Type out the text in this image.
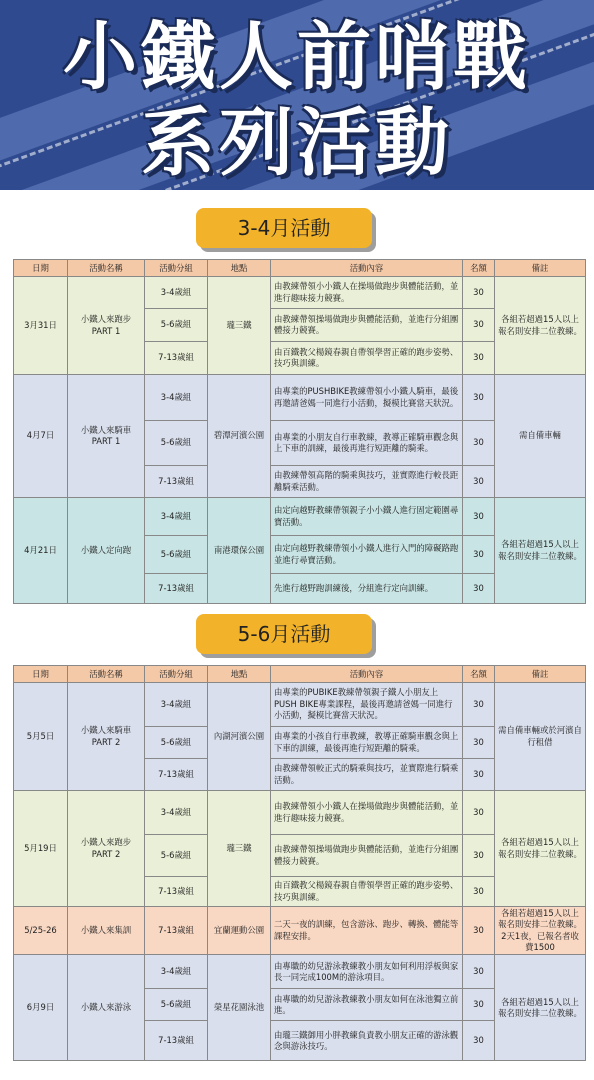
小鐵人前哨戰
系列活動
3-4月活動
日期	活動名稱	活動分組	地點	活動內容	名額	備註
3月31日	小鐵人來跑步 PART 1	3-4歲組	瓏三鐵	由教練帶領小小鐵人在操場做跑步與體能活動，並進行趣味接力競賽。	30	各組若超過15人以上報名則安排二位教練。
		5-6歲組		由教練帶領操場做跑步與體能活動，並進行分組團體接力競賽。	30	
		7-13歲組		由百鐵教父楊鏡春親自帶領學習正確的跑步姿勢、技巧與訓練。	30	
4月7日	小鐵人來騎車 PART 1	3-4歲組	碧潭河濱公園	由專業的PUSHBIKE教練帶領小小鐵人騎車，最後再邀請爸媽一同進行小活動，擬模比賽當天狀況。	30	需自備車輛
		5-6歲組		由專業的小朋友自行車教練，教導正確騎車觀念與上下車的訓練，最後再進行短距離的騎乘。	30	
		7-13歲組		由教練帶領高階的騎乘與技巧，並實際進行較長距離騎乘活動。	30	
4月21日	小鐵人定向跑	3-4歲組	南港環保公園	由定向越野教練帶領親子小小鐵人進行固定範圍尋寶活動。	30	各組若超過15人以上報名則安排二位教練。
		5-6歲組		由定向越野教練帶領小小鐵人進行入門的障礙路跑並進行尋寶活動。	30	
		7-13歲組		先進行越野跑訓練後，分組進行定向訓練。	30	
5-6月活動
日期	活動名稱	活動分組	地點	活動內容	名額	備註
5月5日	小鐵人來騎車 PART 2	3-4歲組	內湖河濱公園	由專業的PUBIKE教練帶領親子鐵人小朋友上PUSH BIKE專業課程，最後再邀請爸媽一同進行小活動，擬模比賽當天狀況。	30	需自備車輛或於河濱自行租借
		5-6歲組		由專業的小孩自行車教練，教導正確騎車觀念與上下車的訓練，最後再進行短距離的騎乘。	30	
		7-13歲組		由教練帶領較正式的騎乘與技巧，並實際進行騎乘活動。	30	
5月19日	小鐵人來跑步 PART 2	3-4歲組	瓏三鐵	由教練帶領小小鐵人在操場做跑步與體能活動，並進行趣味接力競賽。	30	各組若超過15人以上報名則安排二位教練。
		5-6歲組		由教練帶領操場做跑步與體能活動，並進行分組團體接力競賽。	30	
		7-13歲組		由百鐵教父楊鏡春親自帶領學習正確的跑步姿勢、技巧與訓練。	30	
5/25-26	小鐵人來集訓	7-13歲組	宜蘭運動公園	二天一夜的訓練，包含游泳、跑步、轉換、體能等課程安排。	30	各組若超過15人以上報名則安排二位教練。 2天1夜，已報名者收費1500
6月9日	小鐵人來游泳	3-4歲組	榮星花園泳池	由專職的幼兒游泳教練教小朋友如何利用浮板與家長一同完成100M的游泳項目。	30	各組若超過15人以上報名則安排二位教練。
		5-6歲組		由專職的幼兒游泳教練教小朋友如何在泳池獨立前進。	30	
		7-13歲組		由瓏三鐵御用小胖教練負責教小朋友正確的游泳觀念與游泳技巧。	30	
